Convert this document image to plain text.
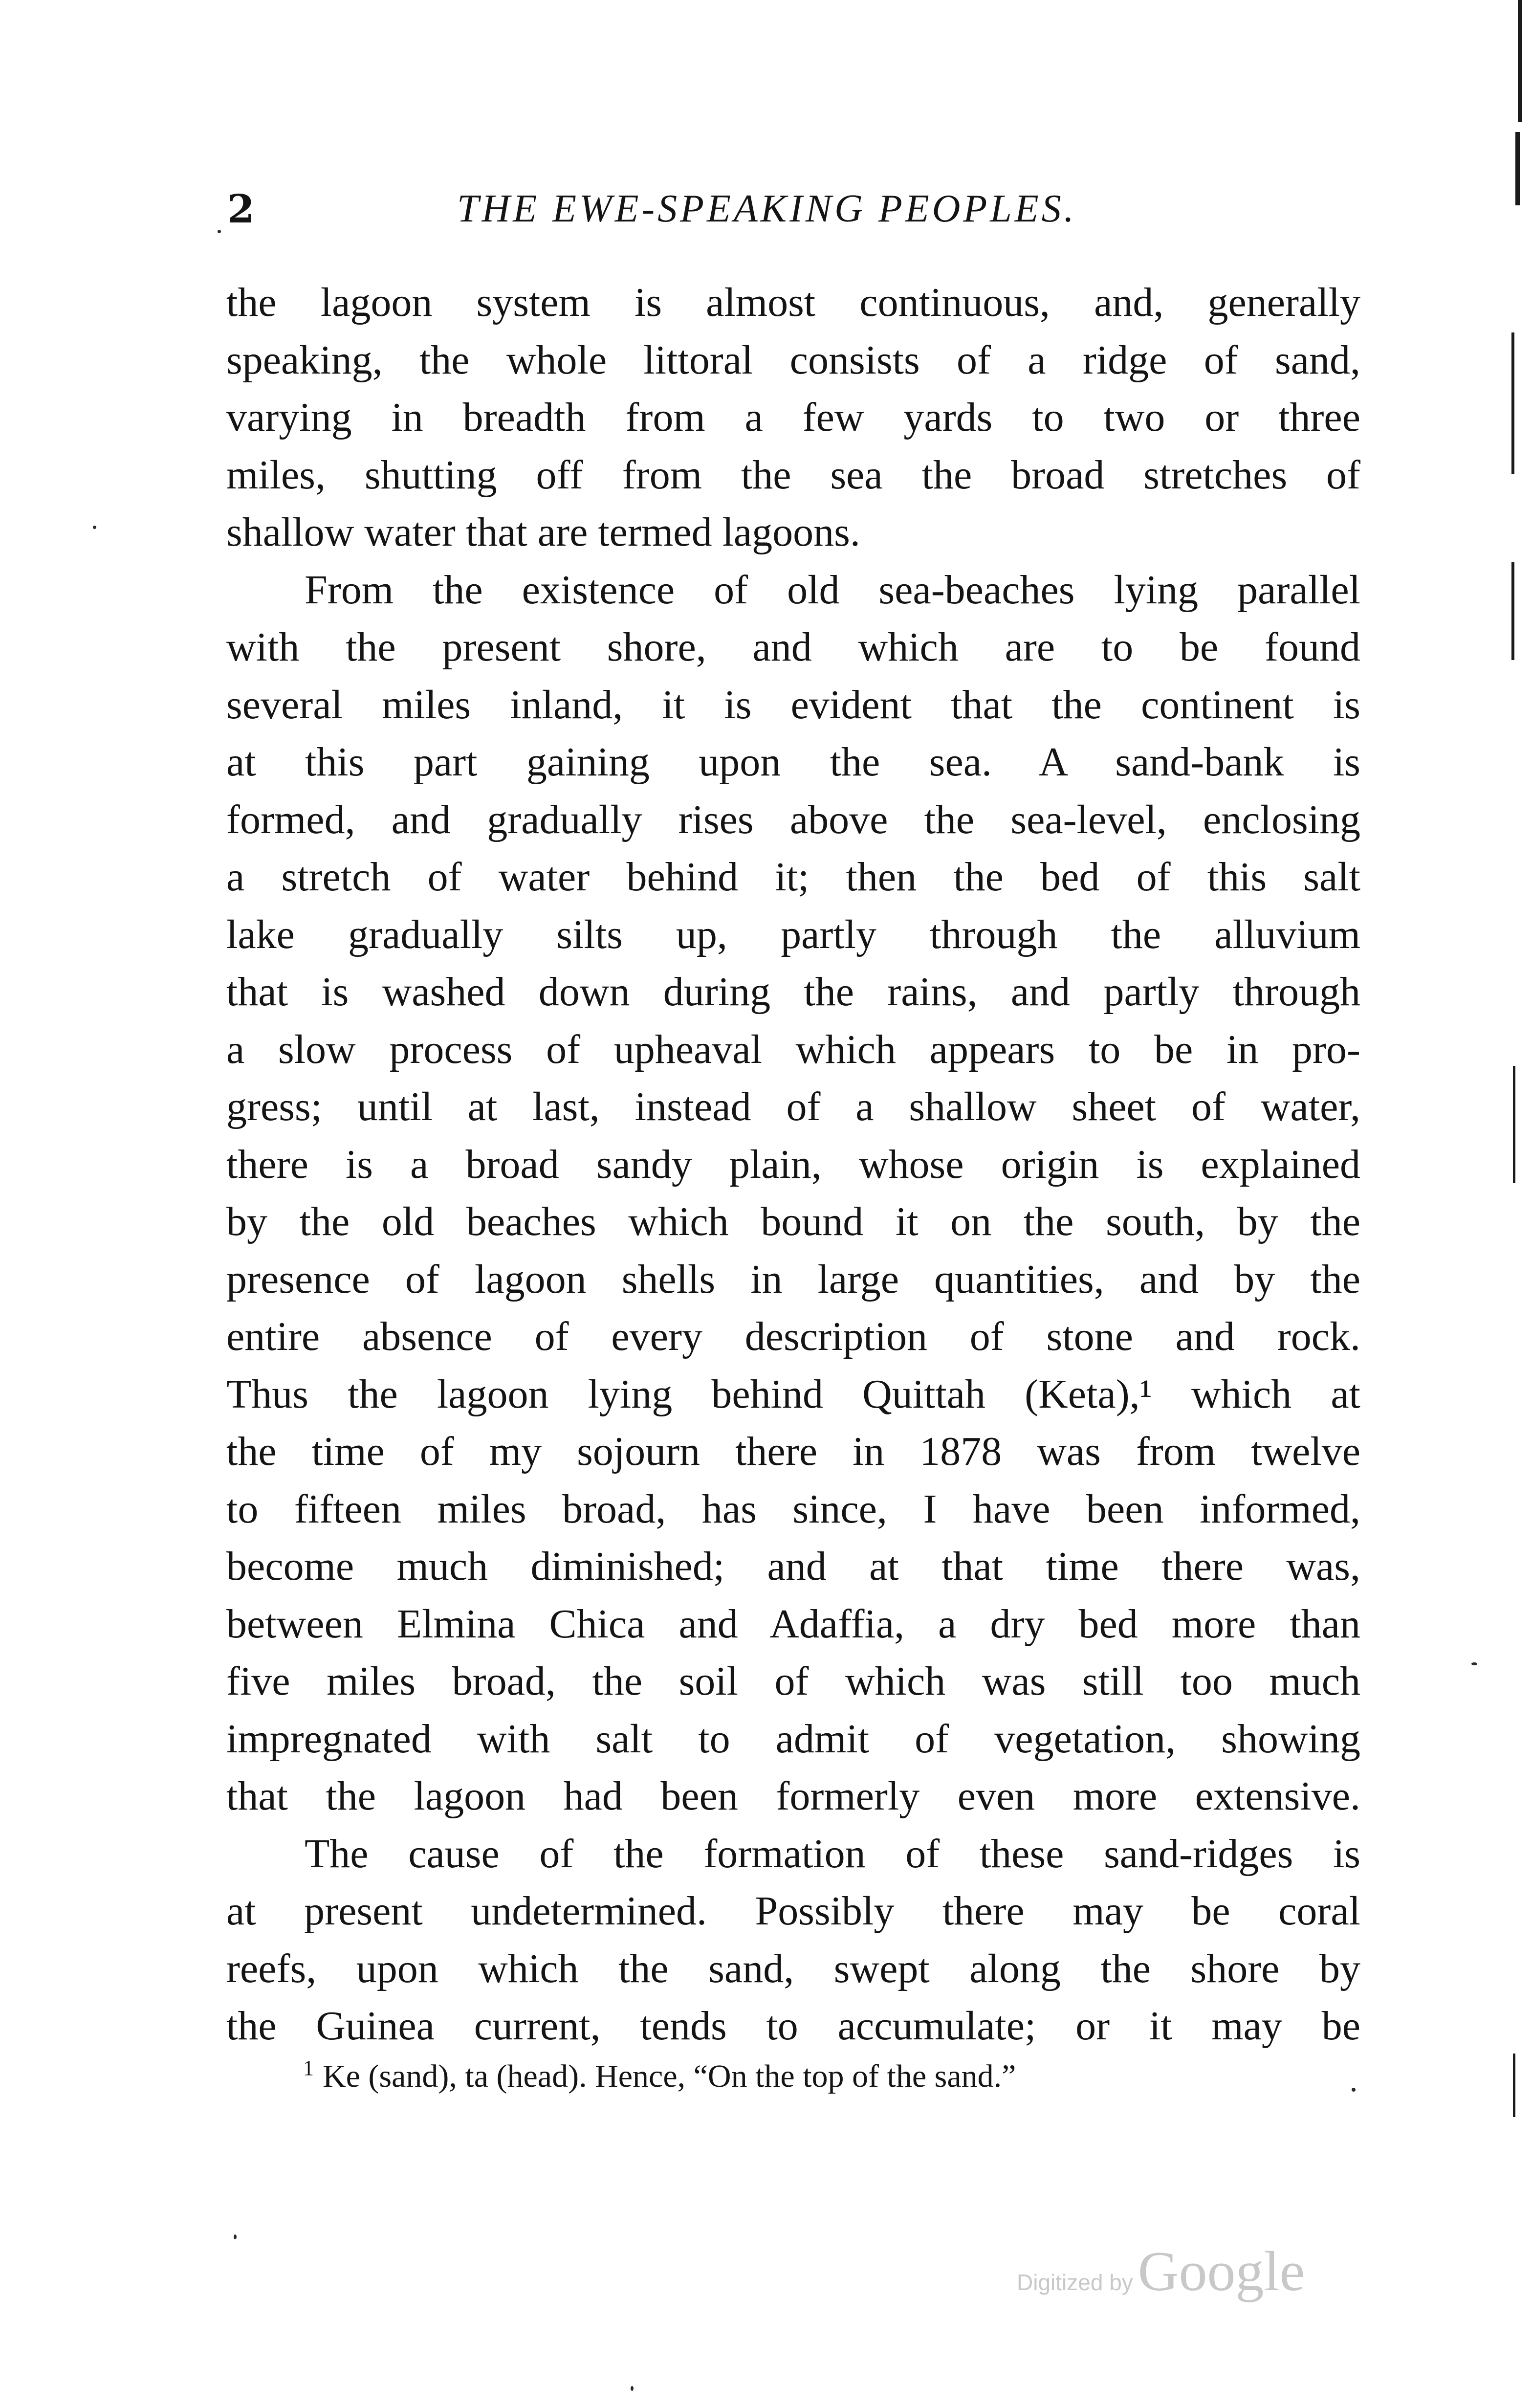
2	THE EWE-SPEAKING PEOPLES.
the lagoon system is almost continuous, and, generally
speaking, the whole littoral consists of a ridge of sand,
varying in breadth from a few yards to two or three
miles, shutting off from the sea the broad stretches of
shallow water that are termed lagoons.
From the existence of old sea-beaches lying parallel
with the present shore, and which are to be found
several miles inland, it is evident that the continent is
at this part gaining upon the sea. A sand-bank is
formed, and gradually rises above the sea-level, enclosing
a stretch of water behind it; then the bed of this salt
lake gradually silts up, partly through the alluvium
that is washed down during the rains, and partly through
a slow process of upheaval which appears to be in pro-
gress; until at last, instead of a shallow sheet of water,
there is a broad sandy plain, whose origin is explained
by the old beaches which bound it on the south, by the
presence of lagoon shells in large quantities, and by the
entire absence of every description of stone and rock.
Thus the lagoon lying behind Quittah (Keta),¹ which at
the time of my sojourn there in 1878 was from twelve
to fifteen miles broad, has since, I have been informed,
become much diminished; and at that time there was,
between Elmina Chica and Adaffia, a dry bed more than
five miles broad, the soil of which was still too much
impregnated with salt to admit of vegetation, showing
that the lagoon had been formerly even more extensive.
The cause of the formation of these sand-ridges is
at present undetermined. Possibly there may be coral
reefs, upon which the sand, swept along the shore by
the Guinea current, tends to accumulate; or it may be
$^1$ Ke (sand), ta (head). Hence, “On the top of the sand.”
Digitized byGoogle
